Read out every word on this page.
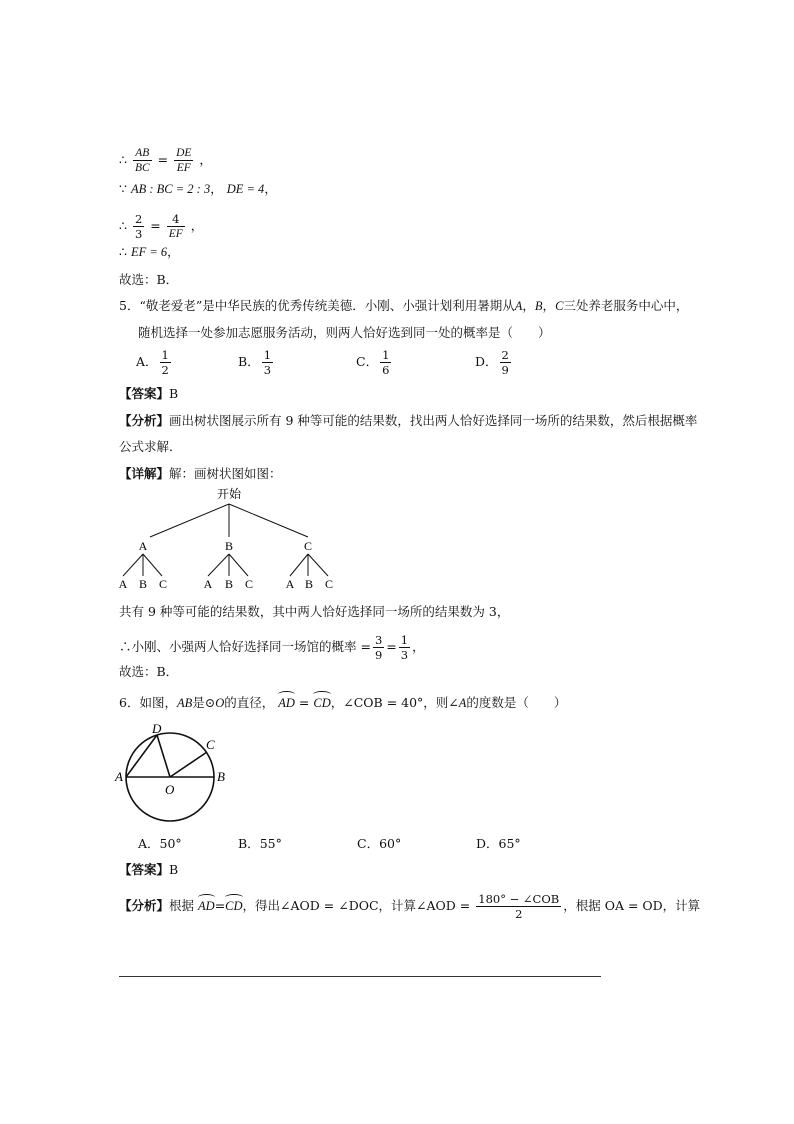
∴ $\frac{AB}{BC} = \frac{DE}{EF}$ ，
∵ AB : BC = 2 : 3， DE = 4，
∴ $\frac{2}{3} = \frac{4}{EF}$ ，
∴ EF = 6，
故选：B．
5．“敬老爱老”是中华民族的优秀传统美德．小刚、小强计划利用暑期从A，B，C三处养老服务中心中，
随机选择一处参加志愿服务活动，则两人恰好选到同一处的概率是（　　）
A． $\frac{1}{2}$	B． $\frac{1}{3}$	C． $\frac{1}{6}$	D． $\frac{2}{9}$
【答案】B
【分析】画出树状图展示所有 9 种等可能的结果数，找出两人恰好选择同一场所的结果数，然后根据概率
公式求解．
【详解】解：画树状图如图：
开始
A	B	C
A B C	A B C	A B C
共有 9 种等可能的结果数，其中两人恰好选择同一场所的结果数为 3，
∴小刚、小强两人恰好选择同一场馆的概率 = $\frac{3}{9} = \frac{1}{3}$ ，
故选：B．
6．如图，AB是⊙O的直径， AD = CD，∠COB = 40°，则∠A的度数是（　　）
A	B
C
D
O
A．50°	B．55°	C．60°	D．65°
【答案】B
【分析】根据 AD=CD，得出∠AOD = ∠DOC，计算∠AOD = $\frac{\text{180° − ∠COB}}{2}$ ，根据 OA = OD，计算
